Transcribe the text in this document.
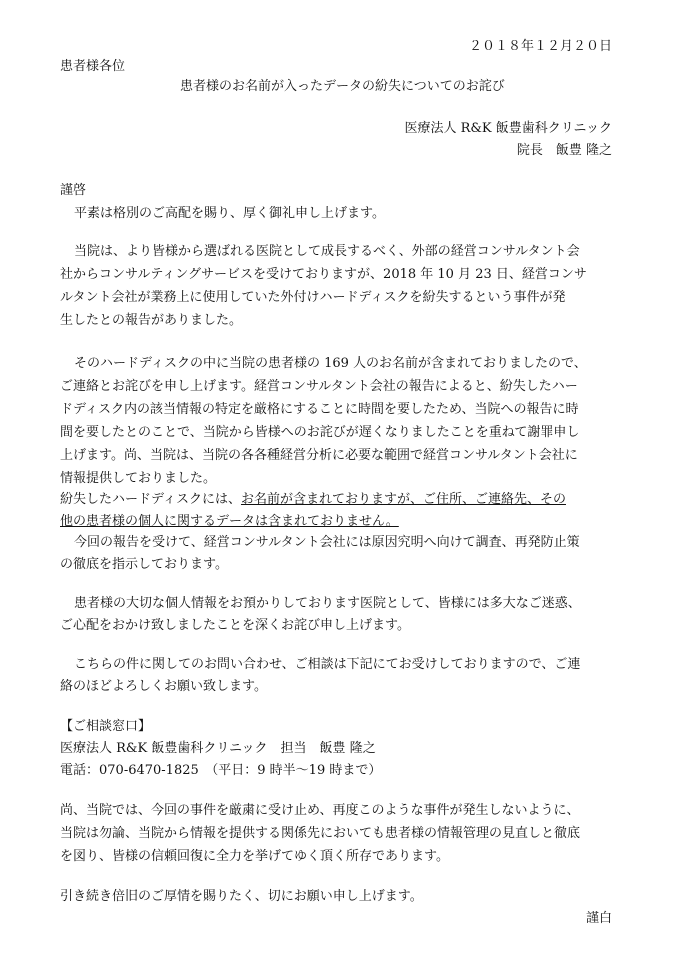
２０１８年１２月２０日
患者様各位
患者様のお名前が入ったデータの紛失についてのお詫び
医療法人 R&K 飯豊歯科クリニック
院長　飯豊 隆之
謹啓
平素は格別のご高配を賜り、厚く御礼申し上げます。
当院は、より皆様から選ばれる医院として成長するべく、外部の経営コンサルタント会
社からコンサルティングサービスを受けておりますが、2018 年 10 月 23 日、経営コンサ
ルタント会社が業務上に使用していた外付けハードディスクを紛失するという事件が発
生したとの報告がありました。
そのハードディスクの中に当院の患者様の 169 人のお名前が含まれておりましたので、
ご連絡とお詫びを申し上げます。経営コンサルタント会社の報告によると、紛失したハー
ドディスク内の該当情報の特定を厳格にすることに時間を要したため、当院への報告に時
間を要したとのことで、当院から皆様へのお詫びが遅くなりましたことを重ねて謝罪申し
上げます。尚、当院は、当院の各各種経営分析に必要な範囲で経営コンサルタント会社に
情報提供しておりました。
紛失したハードディスクには、お名前が含まれておりますが、ご住所、ご連絡先、その
他の患者様の個人に関するデータは含まれておりません。
今回の報告を受けて、経営コンサルタント会社には原因究明へ向けて調査、再発防止策
の徹底を指示しております。
患者様の大切な個人情報をお預かりしております医院として、皆様には多大なご迷惑、
ご心配をおかけ致しましたことを深くお詫び申し上げます。
こちらの件に関してのお問い合わせ、ご相談は下記にてお受けしておりますので、ご連
絡のほどよろしくお願い致します。
【ご相談窓口】
医療法人 R&K 飯豊歯科クリニック　担当　飯豊 隆之
電話：070-6470-1825　（平日：9 時半〜19 時まで）
尚、当院では、今回の事件を厳粛に受け止め、再度このような事件が発生しないように、
当院は勿論、当院から情報を提供する関係先においても患者様の情報管理の見直しと徹底
を図り、皆様の信頼回復に全力を挙げてゆく頂く所存であります。
引き続き倍旧のご厚情を賜りたく、切にお願い申し上げます。
謹白
